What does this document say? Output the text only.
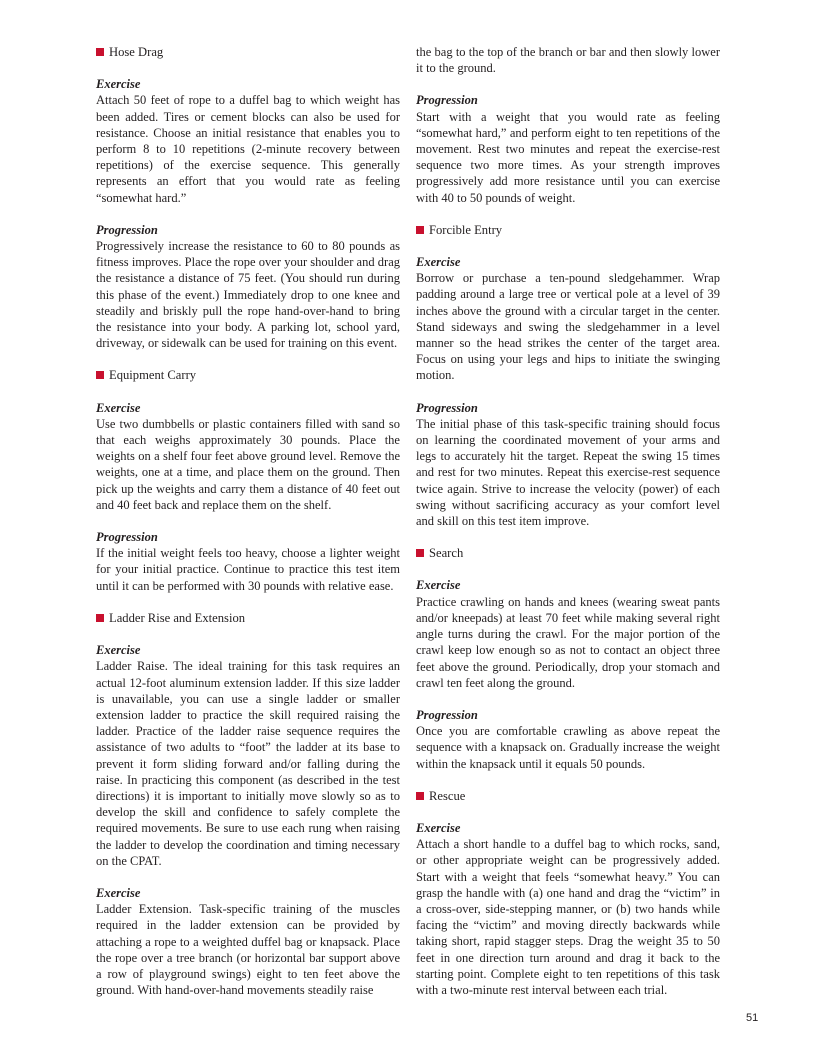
Hose Drag
Exercise

Attach 50 feet of rope to a duffel bag to which weight has been added. Tires or cement blocks can also be used for resistance. Choose an initial resistance that enables you to perform 8 to 10 repetitions (2-minute recovery between repetitions) of the exercise sequence. This generally represents an effort that you would rate as feeling “somewhat hard.”

Progression

Progressively increase the resistance to 60 to 80 pounds as fitness improves. Place the rope over your shoulder and drag the resistance a distance of 75 feet. (You should run during this phase of the event.) Immediately drop to one knee and steadily and briskly pull the rope hand-over-hand to bring the resistance into your body. A parking lot, school yard, driveway, or sidewalk can be used for training on this event.

Equipment Carry
Exercise

Use two dumbbells or plastic containers filled with sand so that each weighs approximately 30 pounds. Place the weights on a shelf four feet above ground level. Remove the weights, one at a time, and place them on the ground. Then pick up the weights and carry them a distance of 40 feet out and 40 feet back and replace them on the shelf.

Progression

If the initial weight feels too heavy, choose a lighter weight for your initial practice. Continue to practice this test item until it can be performed with 30 pounds with relative ease.

Ladder Rise and Extension
Exercise

Ladder Raise. The ideal training for this task requires an actual 12-foot aluminum extension ladder. If this size ladder is unavailable, you can use a single ladder or smaller extension ladder to practice the skill required raising the ladder. Practice of the ladder raise sequence requires the assistance of two adults to “foot” the ladder at its base to prevent it form sliding forward and/or falling during the raise. In practicing this component (as described in the test directions) it is important to initially move slowly so as to develop the skill and confidence to safely complete the required movements. Be sure to use each rung when raising the ladder to develop the coordination and timing necessary on the CPAT.

Exercise

Ladder Extension. Task-specific training of the muscles required in the ladder extension can be provided by attaching a rope to a weighted duffel bag or knapsack. Place the rope over a tree branch (or horizontal bar support above a row of playground swings) eight to ten feet above the ground. With hand-over-hand movements steadily raise

the bag to the top of the branch or bar and then slowly lower it to the ground.

Progression

Start with a weight that you would rate as feeling “somewhat hard,” and perform eight to ten repetitions of the movement. Rest two minutes and repeat the exercise-rest sequence two more times. As your strength improves progressively add more resistance until you can exercise with 40 to 50 pounds of weight.

Forcible Entry
Exercise

Borrow or purchase a ten-pound sledgehammer. Wrap padding around a large tree or vertical pole at a level of 39 inches above the ground with a circular target in the center. Stand sideways and swing the sledgehammer in a level manner so the head strikes the center of the target area. Focus on using your legs and hips to initiate the swinging motion.

Progression

The initial phase of this task-specific training should focus on learning the coordinated movement of your arms and legs to accurately hit the target. Repeat the swing 15 times and rest for two minutes. Repeat this exercise-rest sequence twice again. Strive to increase the velocity (power) of each swing without sacrificing accuracy as your comfort level and skill on this test item improve.

Search
Exercise

Practice crawling on hands and knees (wearing sweat pants and/or kneepads) at least 70 feet while making several right angle turns during the crawl. For the major portion of the crawl keep low enough so as not to contact an object three feet above the ground. Periodically, drop your stomach and crawl ten feet along the ground.

Progression

Once you are comfortable crawling as above repeat the sequence with a knapsack on. Gradually increase the weight within the knapsack until it equals 50 pounds.

Rescue
Exercise

Attach a short handle to a duffel bag to which rocks, sand, or other appropriate weight can be progressively added. Start with a weight that feels “somewhat heavy.” You can grasp the handle with (a) one hand and drag the “victim” in a cross-over, side-stepping manner, or (b) two hands while facing the “victim” and moving directly backwards while taking short, rapid stagger steps. Drag the weight 35 to 50 feet in one direction turn around and drag it back to the starting point. Complete eight to ten repetitions of this task with a two-minute rest interval between each trial.

51
